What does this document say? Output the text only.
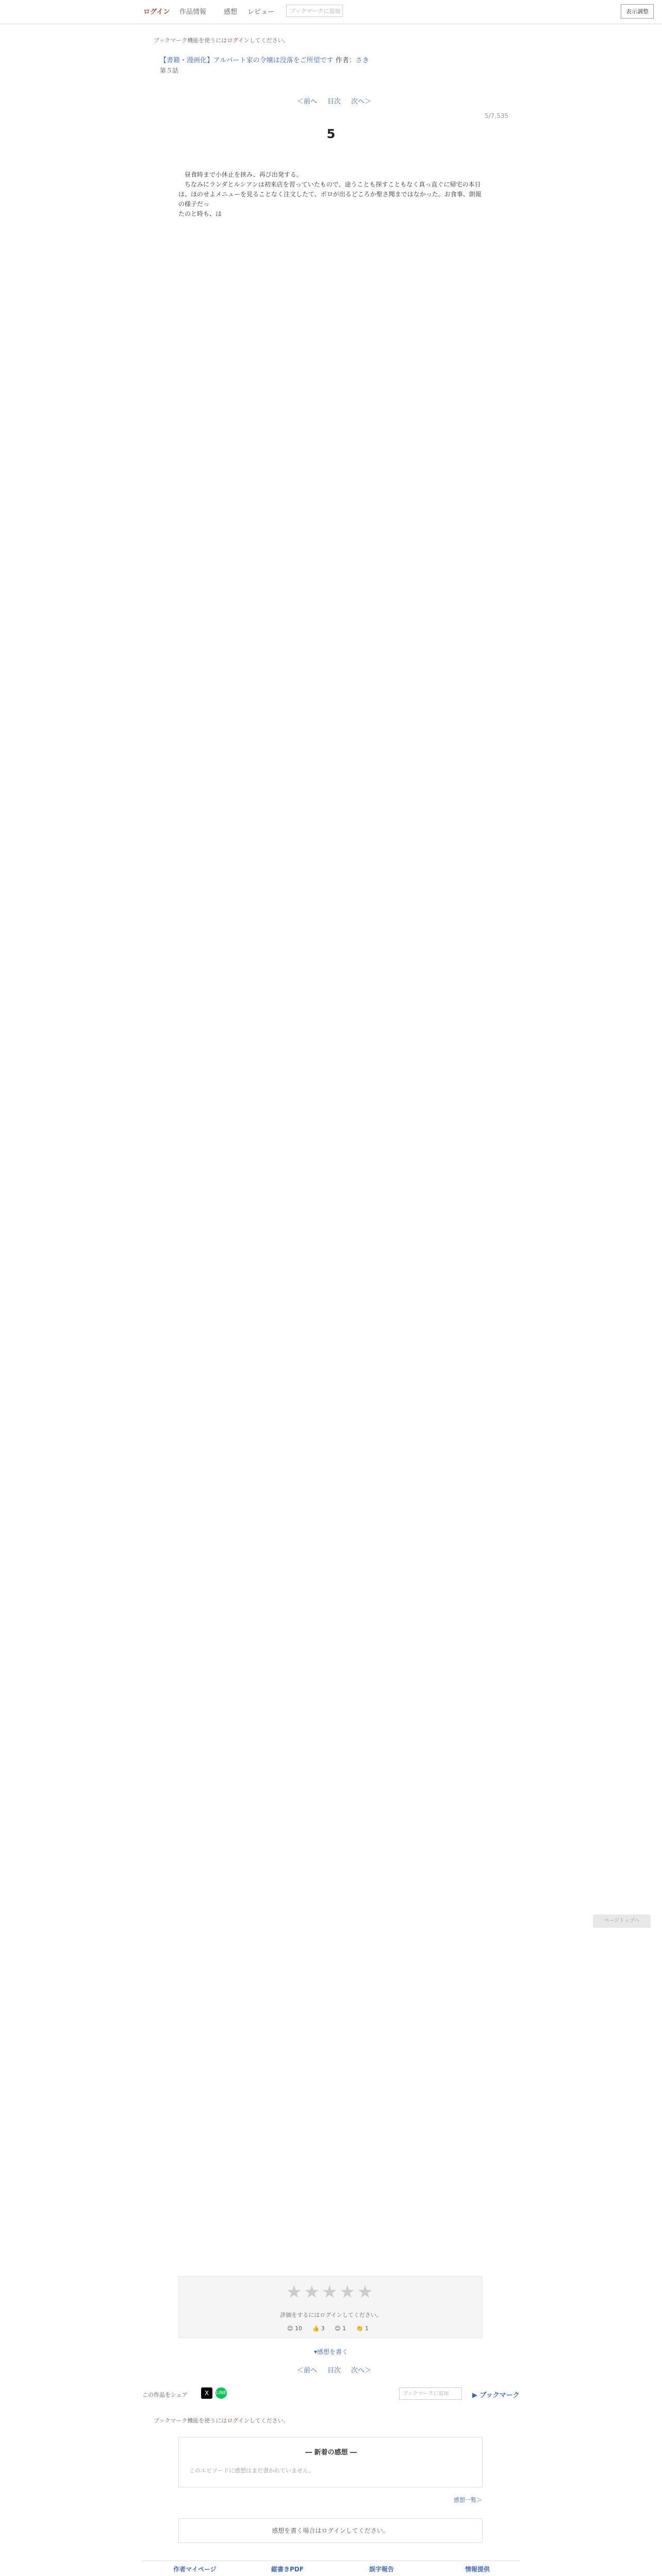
ログイン 作品情報	感想 レビュー	ブックマークに追加	表示調整
ブックマーク機能を使うにはログインしてください。
【書籍・漫画化】アルバート家の令嬢は没落をご所望です 作者：さき
第５話
＜前へ 目次 次へ＞
5/7,535
5

　昼食時まで小休止を挟み、再び出発する。

　ちなみにランダとルシアンは初来店を習っていたもので、途うことも探すこともなく真っ直ぐに帰宅の本日は、ほのせよメニューを見ることなく注文したて、ボロが出るどころか聖さ聞まではなかった。お食事、朗報の様子だっ

たのと時も、は

ページトップへ
★★★★★
評価をするにはログインしてください。
😊 10 👍 3 😊 1 👏 1
▾感想を書く
＜前へ 目次 次へ＞
この作品をシェア	X	LINE	ブックマークに追加	▶ ブックマーク
ブックマーク機能を使うにはログインしてください。
― 新着の感想 ―
このエピソードに感想はまだ書かれていません。
感想一覧＞
感想を書く場合はログインしてください。
作者マイページ	縦書きPDF	誤字報告	情報提供
